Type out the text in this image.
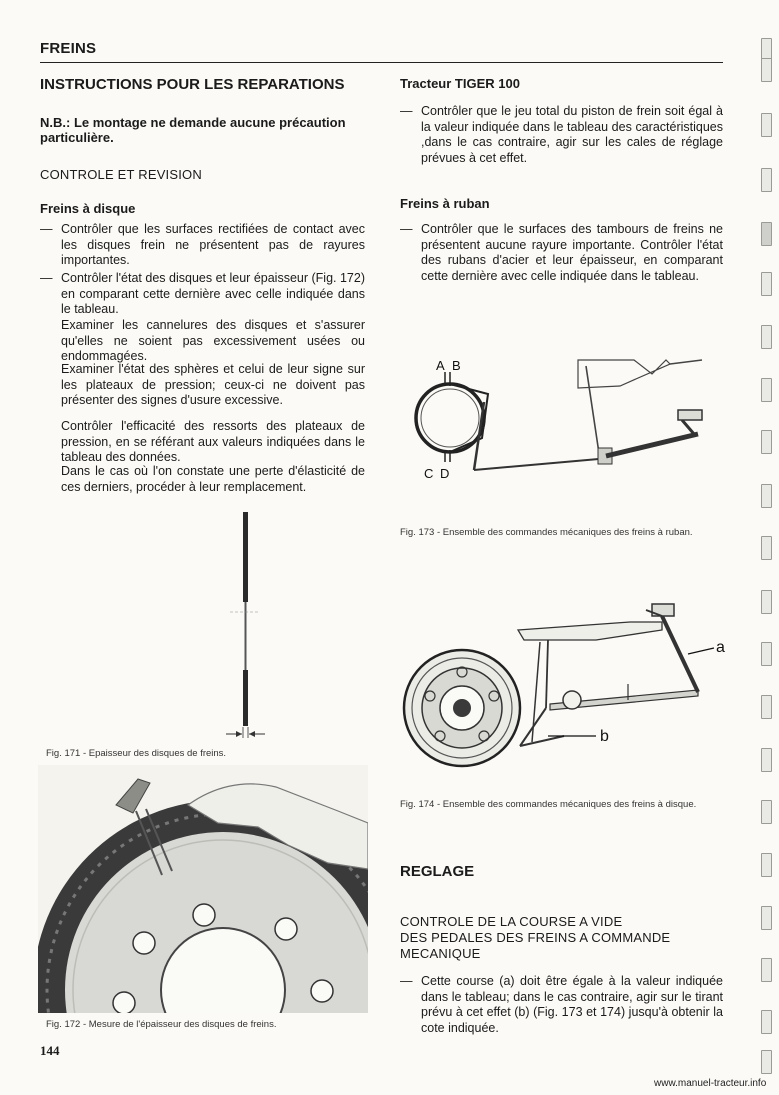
FREINS
INSTRUCTIONS POUR LES REPARATIONS
N.B.: Le montage ne demande aucune précaution particulière.
CONTROLE ET REVISION
Freins à disque
— Contrôler que les surfaces rectifiées de contact avec les disques frein ne présentent pas de rayures importantes.
— Contrôler l'état des disques et leur épaisseur (Fig. 172) en comparant cette dernière avec celle indiquée dans le tableau.
Examiner les cannelures des disques et s'assurer qu'elles ne soient pas excessivement usées ou endommagées.
Examiner l'état des sphères et celui de leur signe sur les plateaux de pression; ceux-ci ne doivent pas présenter des signes d'usure excessive.
Contrôler l'efficacité des ressorts des plateaux de pression, en se référant aux valeurs indiquées dans le tableau des données.
Dans le cas où l'on constate une perte d'élasticité de ces derniers, procéder à leur remplacement.
Fig. 171 - Epaisseur des disques de freins.
Fig. 172 - Mesure de l'épaisseur des disques de freins.
144
Tracteur TIGER 100
— Contrôler que le jeu total du piston de frein soit égal à la valeur indiquée dans le tableau des caractéristiques ,dans le cas contraire, agir sur les cales de réglage prévues à cet effet.
Freins à ruban
— Contrôler que le surfaces des tambours de freins ne présentent aucune rayure importante. Contrôler l'état des rubans d'acier et leur épaisseur, en comparant cette dernière avec celle indiquée dans le tableau.
A B
C D
Fig. 173 - Ensemble des commandes mécaniques des freins à ruban.
a
b
Fig. 174 - Ensemble des commandes mécaniques des freins à disque.
REGLAGE
CONTROLE DE LA COURSE A VIDE
DES PEDALES DES FREINS A COMMANDE
MECANIQUE
— Cette course (a) doit être égale à la valeur indiquée dans le tableau; dans le cas contraire, agir sur le tirant prévu à cet effet (b) (Fig. 173 et 174) jusqu'à obtenir la cote indiquée.
www.manuel-tracteur.info
